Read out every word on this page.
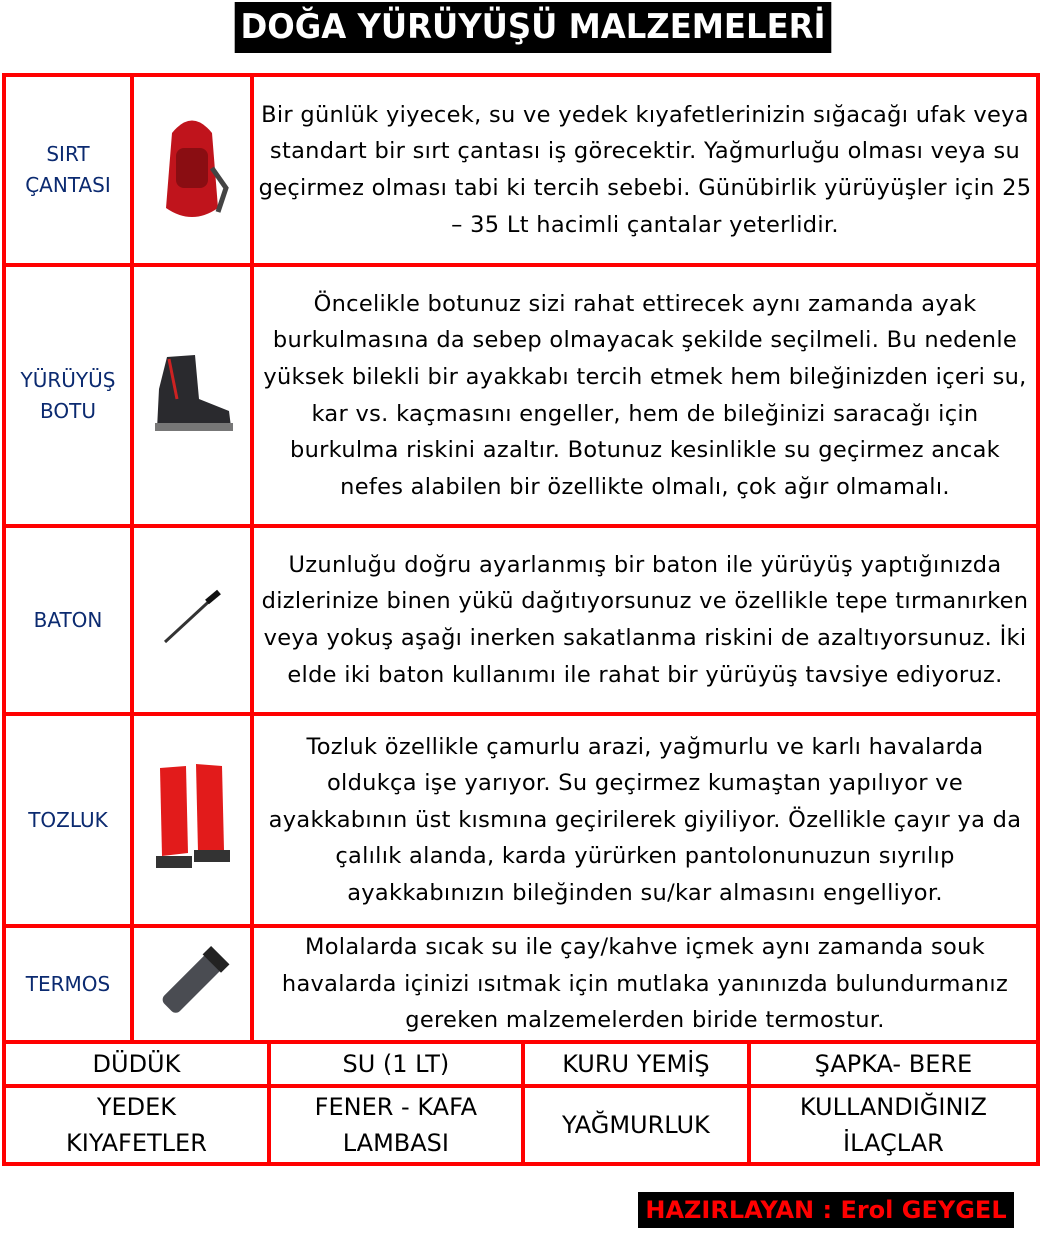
DOĞA YÜRÜYÜŞÜ MALZEMELERİ
SIRT ÇANTASI		Bir günlük yiyecek, su ve yedek kıyafetlerinizin sığacağı ufak veya standart bir sırt çantası iş görecektir. Yağmurluğu olması veya su geçirmez olması tabi ki tercih sebebi. Günübirlik yürüyüşler için 25 – 35 Lt hacimli çantalar yeterlidir.
YÜRÜYÜŞ BOTU		Öncelikle botunuz sizi rahat ettirecek aynı zamanda ayak burkulmasına da sebep olmayacak şekilde seçilmeli. Bu nedenle yüksek bilekli bir ayakkabı tercih etmek hem bileğinizden içeri su, kar vs. kaçmasını engeller, hem de bileğinizi saracağı için burkulma riskini azaltır. Botunuz kesinlikle su geçirmez ancak nefes alabilen bir özellikte olmalı, çok ağır olmamalı.
BATON		Uzunluğu doğru ayarlanmış bir baton ile yürüyüş yaptığınızda dizlerinize binen yükü dağıtıyorsunuz ve özellikle tepe tırmanırken veya yokuş aşağı inerken sakatlanma riskini de azaltıyorsunuz. İki elde iki baton kullanımı ile rahat bir yürüyüş tavsiye ediyoruz.
TOZLUK		Tozluk özellikle çamurlu arazi, yağmurlu ve karlı havalarda oldukça işe yarıyor. Su geçirmez kumaştan yapılıyor ve ayakkabının üst kısmına geçirilerek giyiliyor. Özellikle çayır ya da çalılık alanda, karda yürürken pantolonunuzun sıyrılıp ayakkabınızın bileğinden su/kar almasını engelliyor.
TERMOS		Molalarda sıcak su ile çay/kahve içmek aynı zamanda souk havalarda içinizi ısıtmak için mutlaka yanınızda bulundurmanız gereken malzemelerden biride termostur.
DÜDÜK	SU (1 LT)	KURU YEMİŞ	ŞAPKA- BERE
YEDEK KIYAFETLER	FENER - KAFA LAMBASI	YAĞMURLUK	KULLANDIĞINIZ İLAÇLAR
HAZIRLAYAN : Erol GEYGEL
